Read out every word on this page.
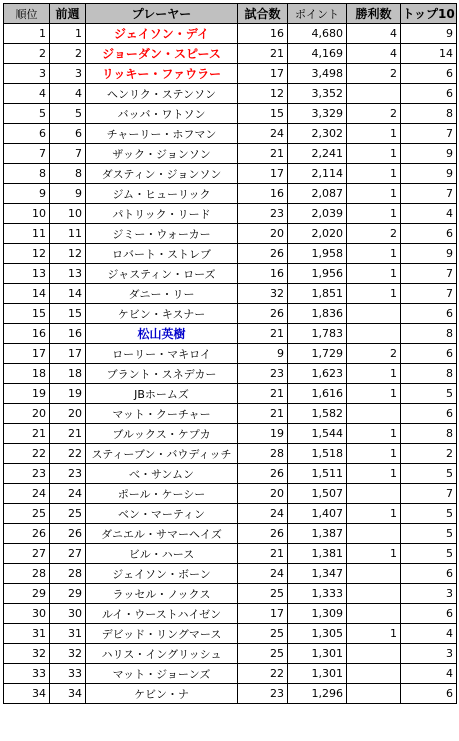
順位	前週	プレーヤー	試合数	ポイント	勝利数	トップ10
1	1	ジェイソン・デイ	16	4,680	4	9
2	2	ジョーダン・スピース	21	4,169	4	14
3	3	リッキー・ファウラー	17	3,498	2	6
4	4	ヘンリク・ステンソン	12	3,352		6
5	5	バッバ・ワトソン	15	3,329	2	8
6	6	チャーリー・ホフマン	24	2,302	1	7
7	7	ザック・ジョンソン	21	2,241	1	9
8	8	ダスティン・ジョンソン	17	2,114	1	9
9	9	ジム・ヒューリック	16	2,087	1	7
10	10	パトリック・リード	23	2,039	1	4
11	11	ジミー・ウォーカー	20	2,020	2	6
12	12	ロバート・ストレブ	26	1,958	1	9
13	13	ジャスティン・ローズ	16	1,956	1	7
14	14	ダニー・リー	32	1,851	1	7
15	15	ケビン・キスナー	26	1,836		6
16	16	松山英樹	21	1,783		8
17	17	ローリー・マキロイ	9	1,729	2	6
18	18	ブラント・スネデカー	23	1,623	1	8
19	19	JBホームズ	21	1,616	1	5
20	20	マット・クーチャー	21	1,582		6
21	21	ブルックス・ケプカ	19	1,544	1	8
22	22	スティーブン・バウディッチ	28	1,518	1	2
23	23	べ・サンムン	26	1,511	1	5
24	24	ポール・ケーシー	20	1,507		7
25	25	ベン・マーティン	24	1,407	1	5
26	26	ダニエル・サマーヘイズ	26	1,387		5
27	27	ビル・ハース	21	1,381	1	5
28	28	ジェイソン・ボーン	24	1,347		6
29	29	ラッセル・ノックス	25	1,333		3
30	30	ルイ・ウーストハイゼン	17	1,309		6
31	31	デビッド・リングマース	25	1,305	1	4
32	32	ハリス・イングリッシュ	25	1,301		3
33	33	マット・ジョーンズ	22	1,301		4
34	34	ケビン・ナ	23	1,296		6
